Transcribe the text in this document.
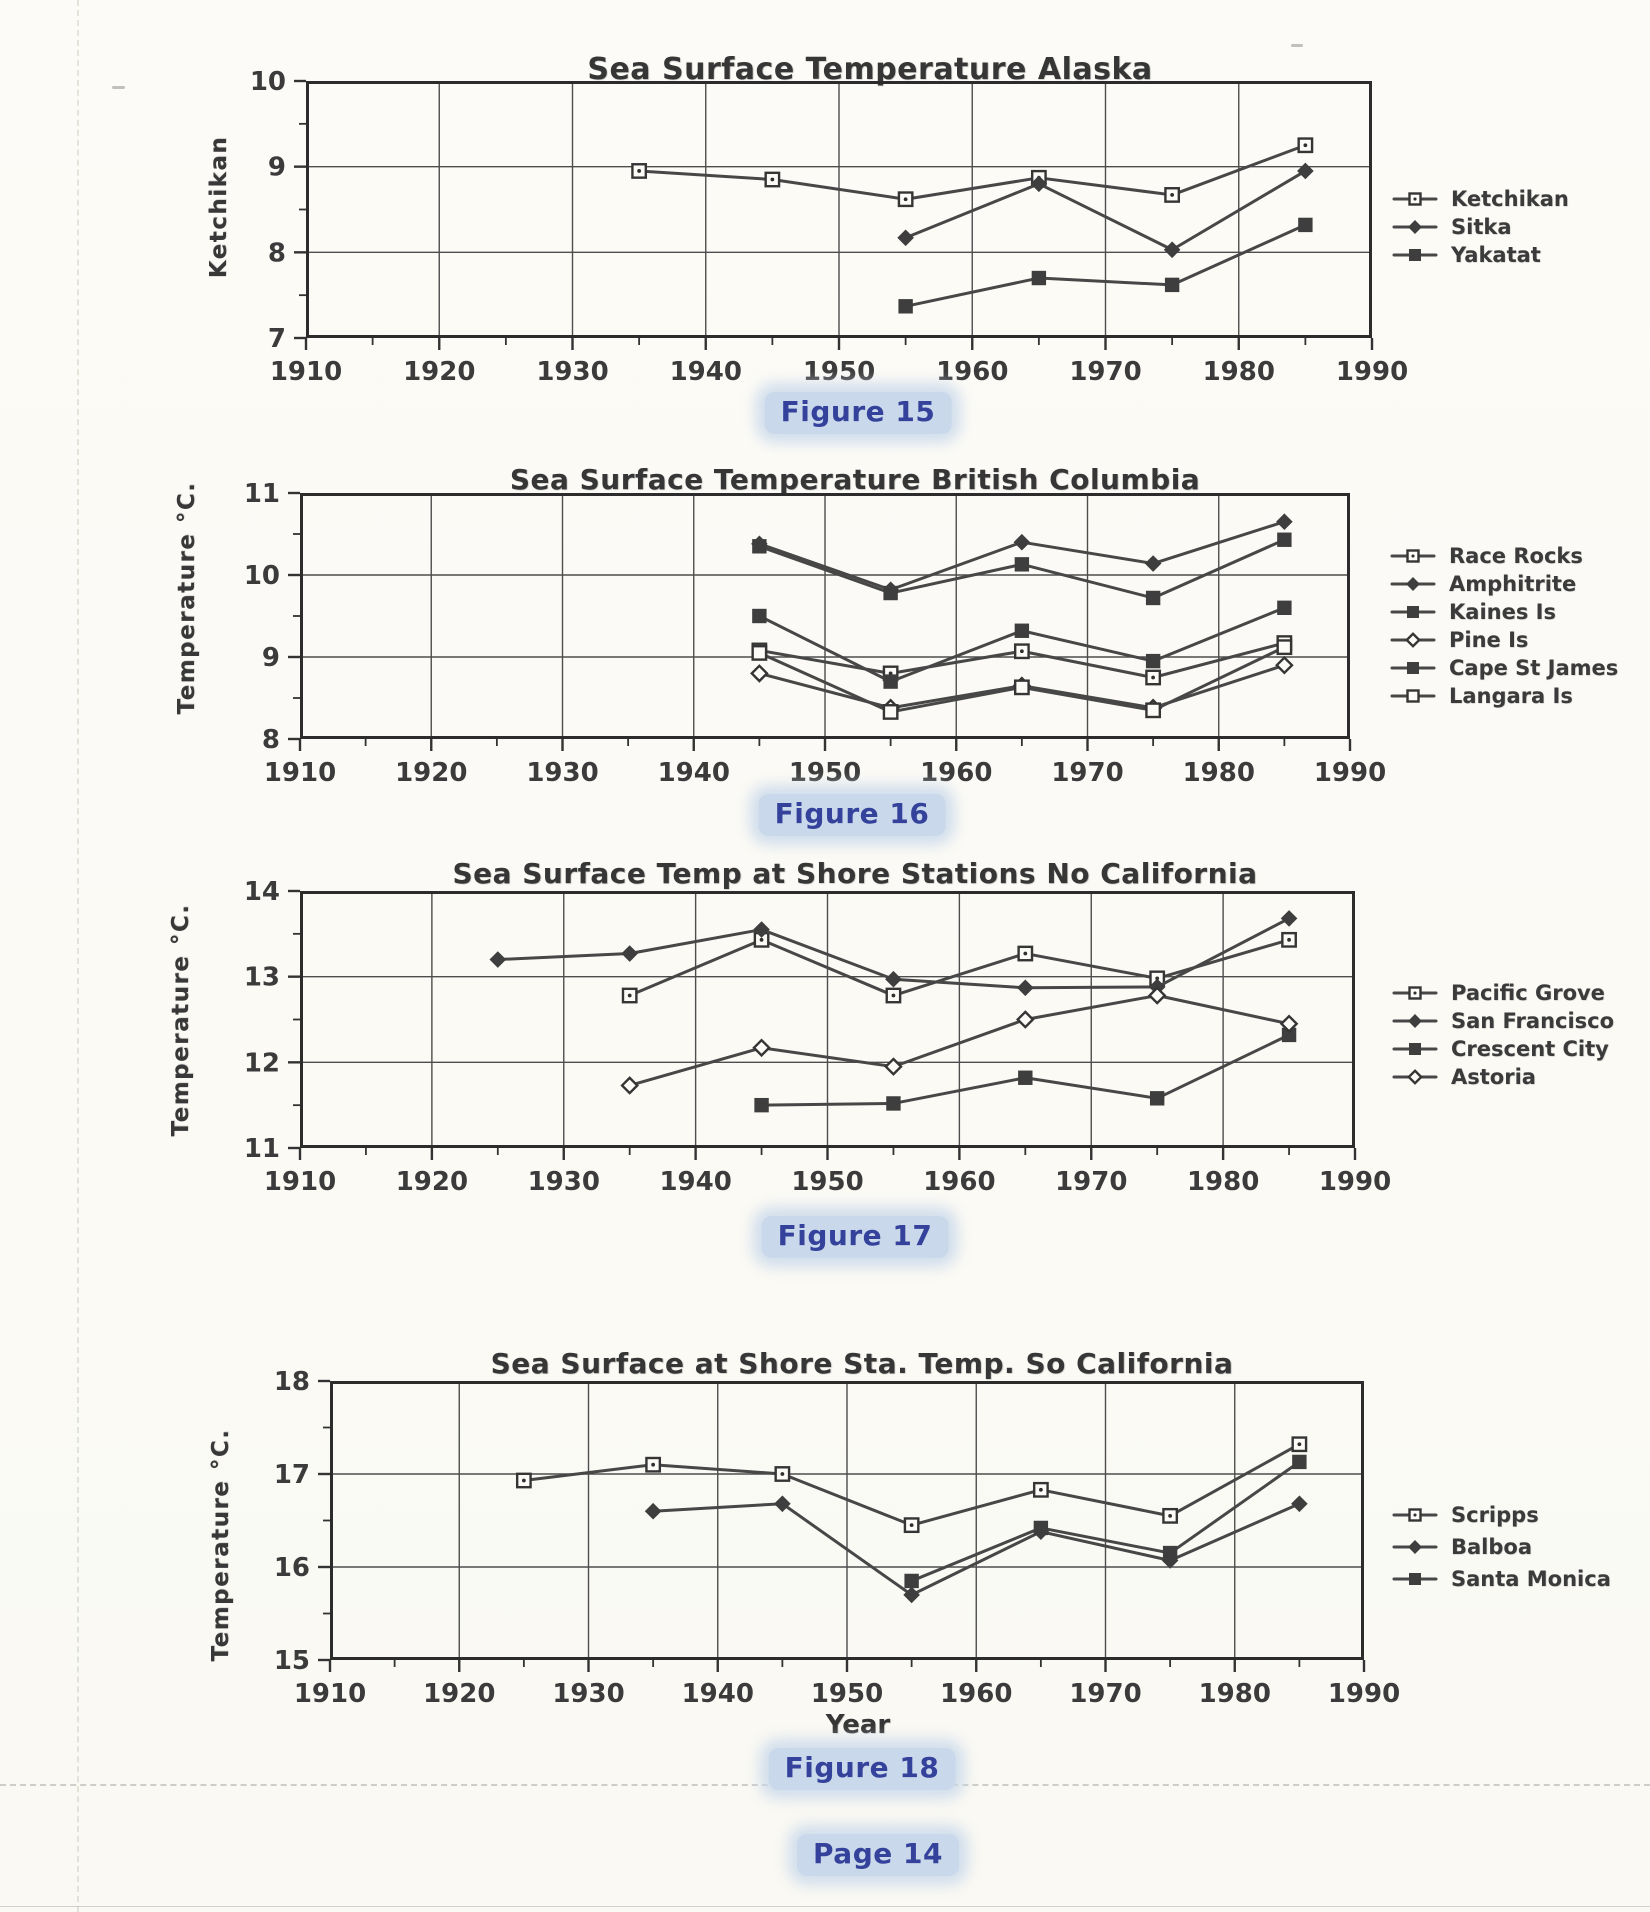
Sea Surface Temperature Alaska
Ketchikan
1910 1920 1930 1940 1950 1960 1970 1980 1990
7
8
9
10
Ketchikan
Sitka
Yakatat
Figure 15
Sea Surface Temperature British Columbia
Temperature °C.
1910 1920 1930 1940 1950 1960 1970 1980 1990
8
9
10
11
Race Rocks
Amphitrite
Kaines Is
Pine Is
Cape St James
Langara Is
Figure 16
Sea Surface Temp at Shore Stations No California
Temperature °C.
1910 1920 1930 1940 1950 1960 1970 1980 1990
11
12
13
14
Pacific Grove
San Francisco
Crescent City
Astoria
Figure 17
Sea Surface at Shore Sta. Temp. So California
Temperature °C.
1910 1920 1930 1940 1950 1960 1970 1980 1990
15
16
17
18
Scripps
Balboa
Santa Monica
Year
Figure 18
Page 14
